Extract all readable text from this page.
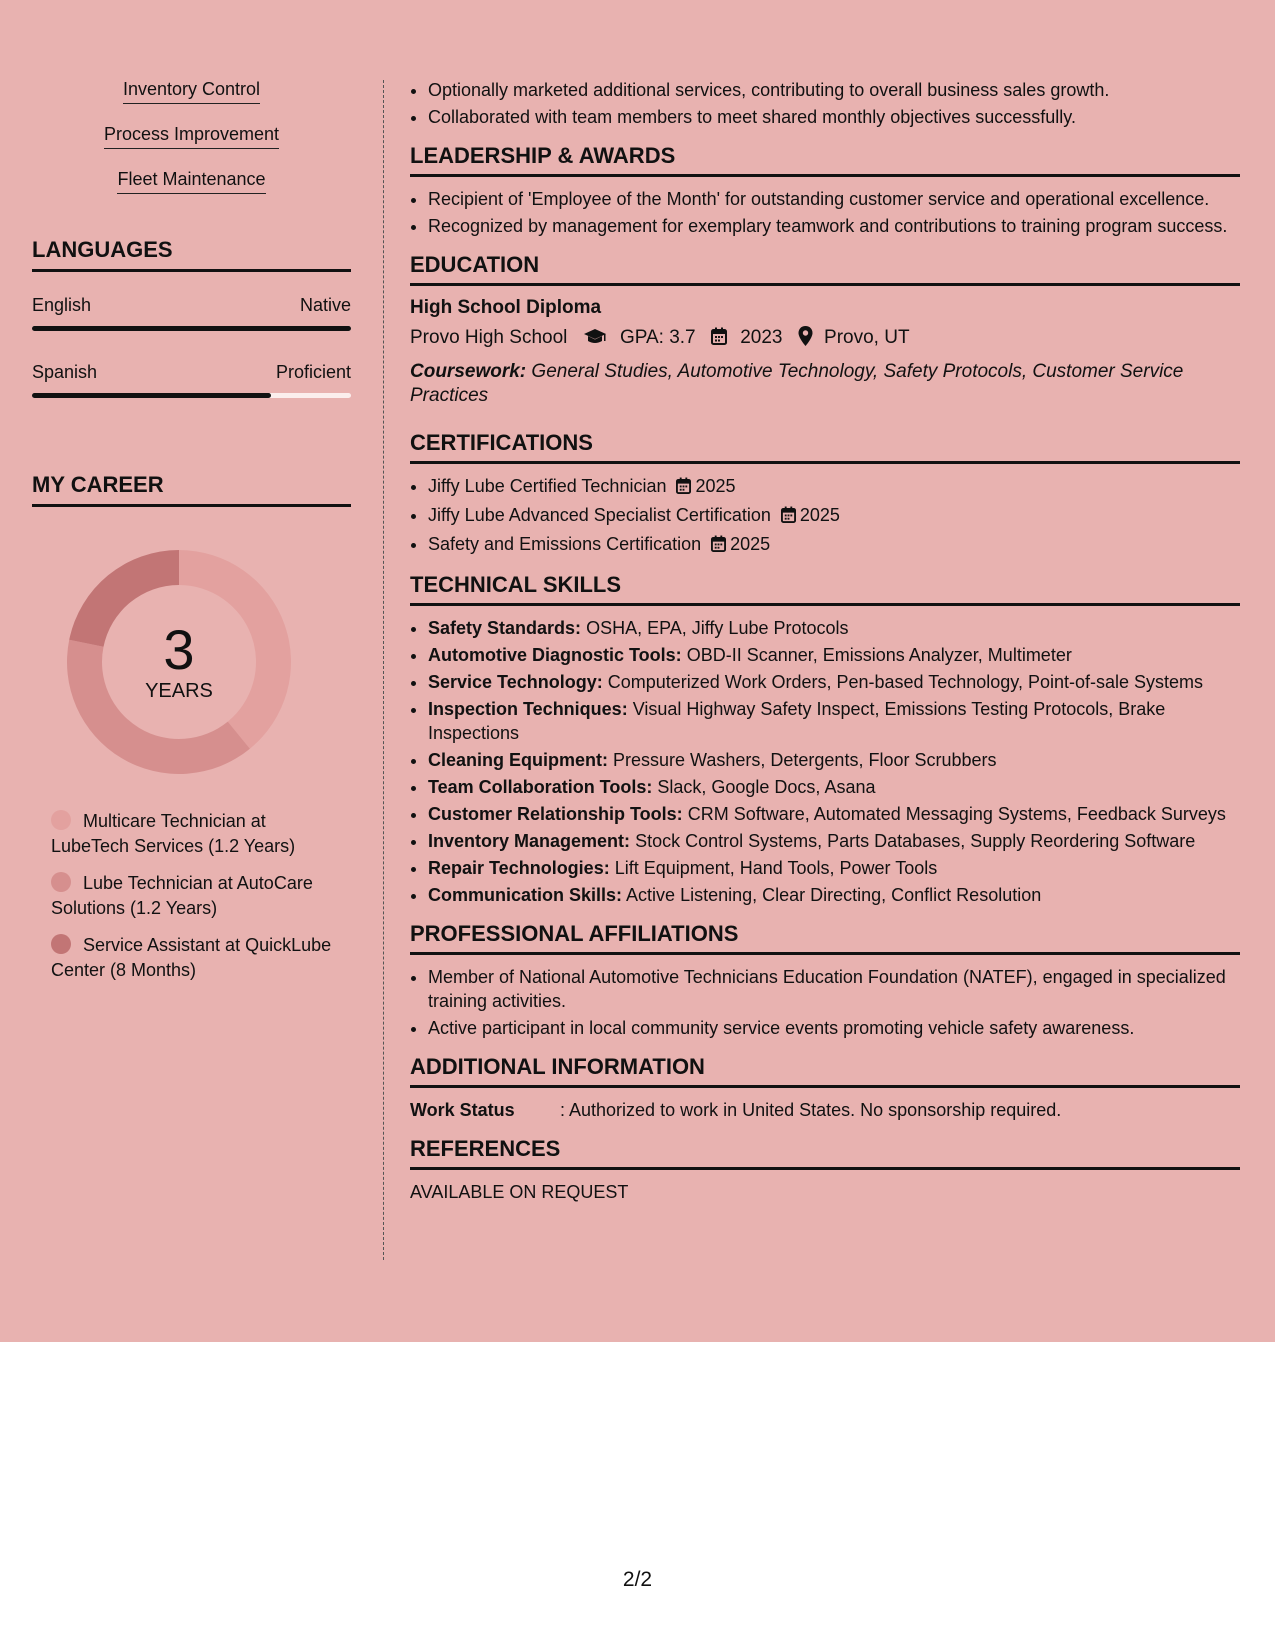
Inventory Control
Process Improvement
Fleet Maintenance
LANGUAGES
English	Native
Spanish	Proficient
MY CAREER
3
YEARS
Multicare Technician at LubeTech Services (1.2 Years)
Lube Technician at AutoCare Solutions (1.2 Years)
Service Assistant at QuickLube Center (8 Months)
• Optionally marketed additional services, contributing to overall business sales growth.
• Collaborated with team members to meet shared monthly objectives successfully.
LEADERSHIP & AWARDS
• Recipient of 'Employee of the Month' for outstanding customer service and operational excellence.
• Recognized by management for exemplary teamwork and contributions to training program success.
EDUCATION
High School Diploma
Provo High School	GPA: 3.7 2023 Provo, UT
Coursework: General Studies, Automotive Technology, Safety Protocols, Customer Service Practices
CERTIFICATIONS
• Jiffy Lube Certified Technician 2025
• Jiffy Lube Advanced Specialist Certification 2025
• Safety and Emissions Certification 2025
TECHNICAL SKILLS
• Safety Standards: OSHA, EPA, Jiffy Lube Protocols
• Automotive Diagnostic Tools: OBD-II Scanner, Emissions Analyzer, Multimeter
• Service Technology: Computerized Work Orders, Pen-based Technology, Point-of-sale Systems
• Inspection Techniques: Visual Highway Safety Inspect, Emissions Testing Protocols, Brake Inspections
• Cleaning Equipment: Pressure Washers, Detergents, Floor Scrubbers
• Team Collaboration Tools: Slack, Google Docs, Asana
• Customer Relationship Tools: CRM Software, Automated Messaging Systems, Feedback Surveys
• Inventory Management: Stock Control Systems, Parts Databases, Supply Reordering Software
• Repair Technologies: Lift Equipment, Hand Tools, Power Tools
• Communication Skills: Active Listening, Clear Directing, Conflict Resolution
PROFESSIONAL AFFILIATIONS
• Member of National Automotive Technicians Education Foundation (NATEF), engaged in specialized training activities.
• Active participant in local community service events promoting vehicle safety awareness.
ADDITIONAL INFORMATION
Work Status	: Authorized to work in United States. No sponsorship required.
REFERENCES
AVAILABLE ON REQUEST
2/2
